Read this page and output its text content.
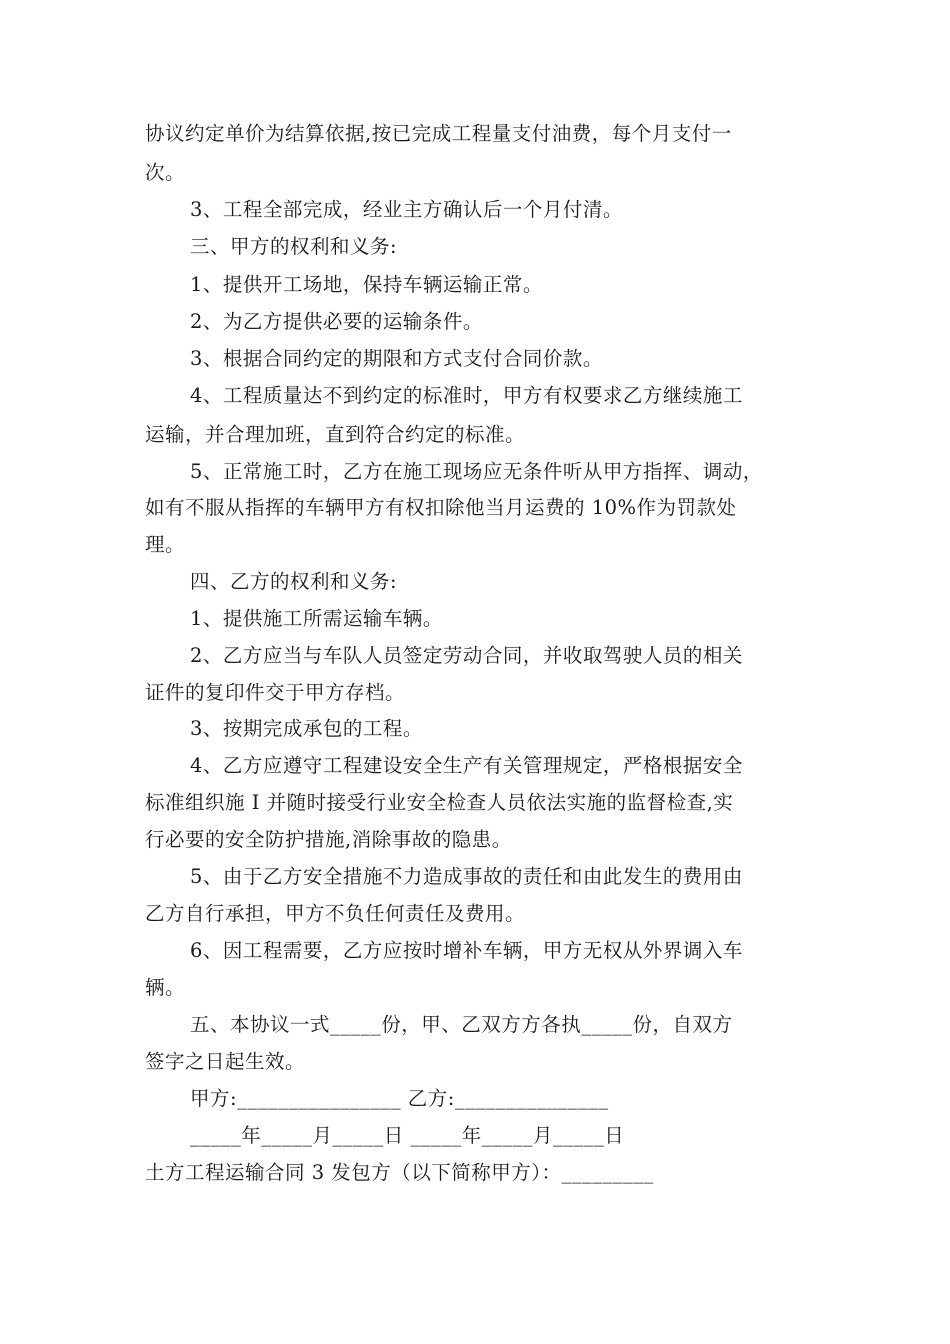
协议约定单价为结算依据,按已完成工程量支付油费，每个月支付一
次。
3、工程全部完成，经业主方确认后一个月付清。
三、甲方的权利和义务:
1、提供开工场地，保持车辆运输正常。
2、为乙方提供必要的运输条件。
3、根据合同约定的期限和方式支付合同价款。
4、工程质量达不到约定的标准时，甲方有权要求乙方继续施工
运输，并合理加班，直到符合约定的标准。
5、正常施工时，乙方在施工现场应无条件听从甲方指挥、调动，
如有不服从指挥的车辆甲方有权扣除他当月运费的 10%作为罚款处
理。
四、乙方的权利和义务:
1、提供施工所需运输车辆。
2、乙方应当与车队人员签定劳动合同，并收取驾驶人员的相关
证件的复印件交于甲方存档。
3、按期完成承包的工程。
4、乙方应遵守工程建设安全生产有关管理规定，严格根据安全
标准组织施 I 并随时接受行业安全检查人员依法实施的监督检查,实
行必要的安全防护措施,消除事故的隐患。
5、由于乙方安全措施不力造成事故的责任和由此发生的费用由
乙方自行承担，甲方不负任何责任及费用。
6、因工程需要，乙方应按时增补车辆，甲方无权从外界调入车
辆。
五、本协议一式_____份，甲、乙双方方各执_____份，自双方
签字之日起生效。
甲方:________________ 乙方:_______________
_____年_____月_____日 _____年_____月_____日
土方工程运输合同 3 发包方（以下简称甲方）：_________
